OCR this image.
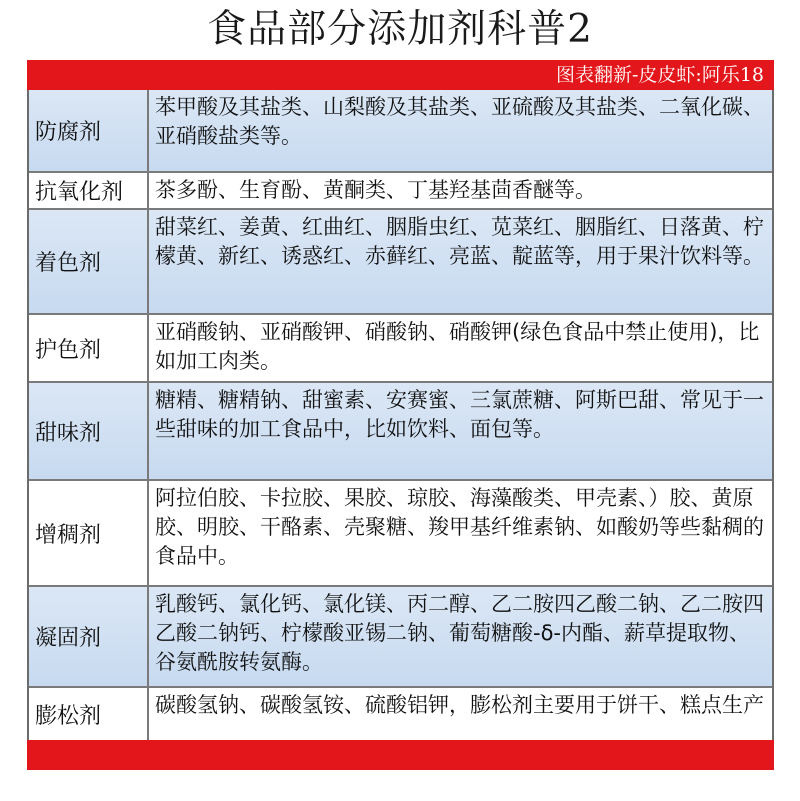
食品部分添加剂科普2
图表翻新-皮皮虾:阿乐18
防腐剂
苯甲酸及其盐类、山梨酸及其盐类、亚硫酸及其盐类、二氧化碳、亚硝酸盐类等。
抗氧化剂	茶多酚、生育酚、黄酮类、丁基羟基茴香醚等。
着色剂
甜菜红、姜黄、红曲红、胭脂虫红、苋菜红、胭脂红、日落黄、柠檬黄、新红、诱惑红、赤藓红、亮蓝、靛蓝等，用于果汁饮料等。
护色剂
亚硝酸钠、亚硝酸钾、硝酸钠、硝酸钾(绿色食品中禁止使用)，比如加工肉类。
甜味剂
糖精、糖精钠、甜蜜素、安赛蜜、三氯蔗糖、阿斯巴甜、常见于一些甜味的加工食品中，比如饮料、面包等。
增稠剂
阿拉伯胶、卡拉胶、果胶、琼胶、海藻酸类、甲壳素、）胶、黄原胶、明胶、干酪素、壳聚糖、羧甲基纤维素钠、如酸奶等些黏稠的食品中。
凝固剂
乳酸钙、氯化钙、氯化镁、丙二醇、乙二胺四乙酸二钠、乙二胺四乙酸二钠钙、柠檬酸亚锡二钠、葡萄糖酸-δ-内酯、薪草提取物、谷氨酰胺转氨酶。
膨松剂	碳酸氢钠、碳酸氢铵、硫酸铝钾，膨松剂主要用于饼干、糕点生产
